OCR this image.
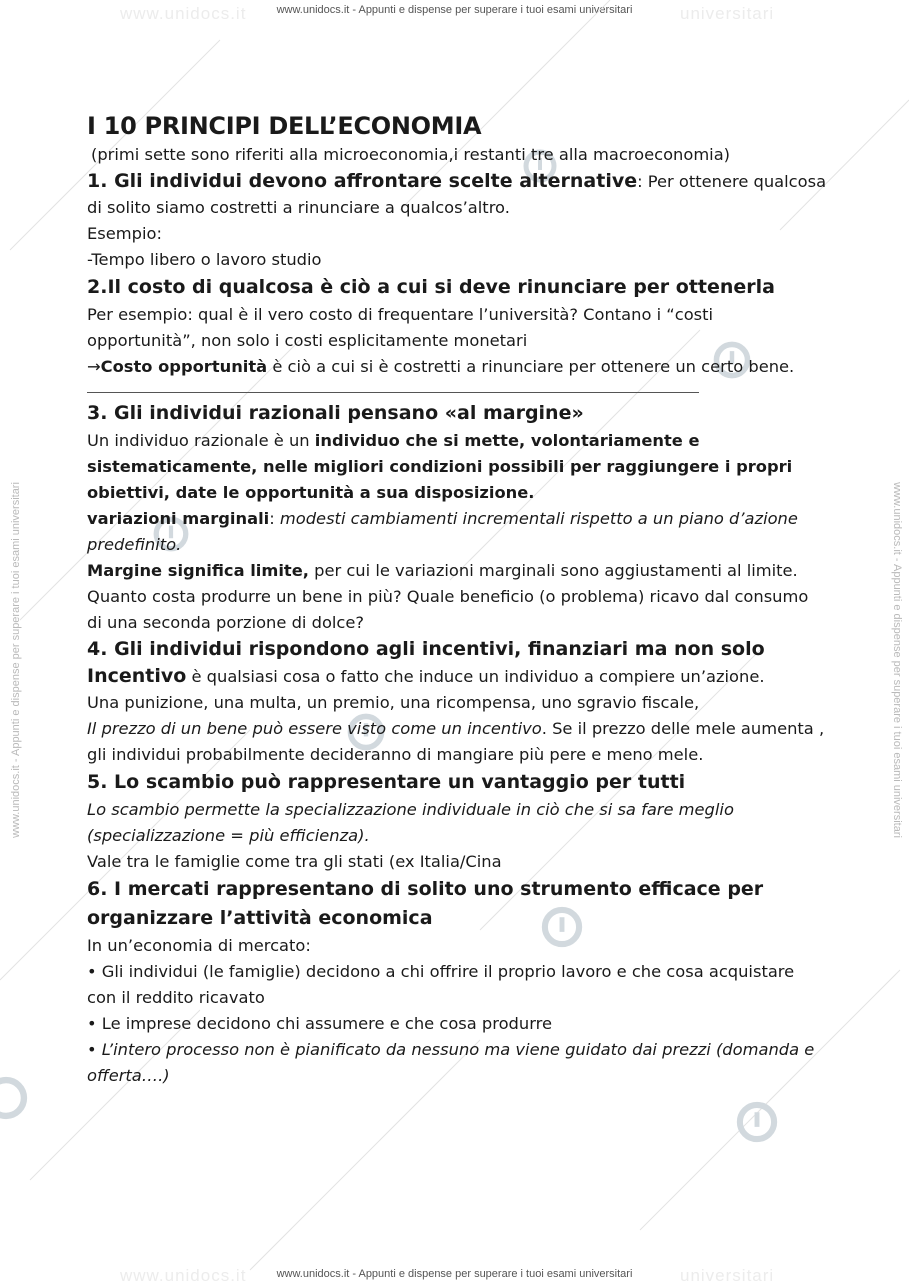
www.unidocs.it	universitari
www.unidocs.it	universitari
www.unidocs.it - Appunti e dispense per superare i tuoi esami universitari
www.unidocs.it - Appunti e dispense per superare i tuoi esami universitari
www.unidocs.it - Appunti e dispense per superare i tuoi esami universitari	www.unidocs.it - Appunti e dispense per superare i tuoi esami universitari
I 10 PRINCIPI DELL’ECONOMIA

(primi sette sono riferiti alla microeconomia,i restanti tre alla macroeconomia)

1. Gli individui devono affrontare scelte alternative: Per ottenere qualcosa di solito siamo costretti a rinunciare a qualcos’altro.

Esempio:

-Tempo libero o lavoro studio

2.Il costo di qualcosa è ciò a cui si deve rinunciare per ottenerla

Per esempio: qual è il vero costo di frequentare l’università? Contano i “costi opportunità”, non solo i costi esplicitamente monetari

→Costo opportunità è ciò a cui si è costretti a rinunciare per ottenere un certo bene.

3. Gli individui razionali pensano «al margine»

Un individuo razionale è un individuo che si mette, volontariamente e sistematicamente, nelle migliori condizioni possibili per raggiungere i propri obiettivi, date le opportunità a sua disposizione.

variazioni marginali: modesti cambiamenti incrementali rispetto a un piano d’azione predefinito.

Margine significa limite, per cui le variazioni marginali sono aggiustamenti al limite. Quanto costa produrre un bene in più? Quale beneficio (o problema) ricavo dal consumo di una seconda porzione di dolce?

4. Gli individui rispondono agli incentivi, finanziari ma non solo

Incentivo è qualsiasi cosa o fatto che induce un individuo a compiere un’azione.

Una punizione, una multa, un premio, una ricompensa, uno sgravio fiscale,

Il prezzo di un bene può essere visto come un incentivo. Se il prezzo delle mele aumenta , gli individui probabilmente decideranno di mangiare più pere e meno mele.

5. Lo scambio può rappresentare un vantaggio per tutti

Lo scambio permette la specializzazione individuale in ciò che si sa fare meglio (specializzazione = più efficienza).

Vale tra le famiglie come tra gli stati (ex Italia/Cina

6. I mercati rappresentano di solito uno strumento efficace per organizzare l’attività economica

In un’economia di mercato:

• Gli individui (le famiglie) decidono a chi offrire il proprio lavoro e che cosa acquistare con il reddito ricavato

• Le imprese decidono chi assumere e che cosa produrre

• L’intero processo non è pianificato da nessuno ma viene guidato dai prezzi (domanda e offerta….)
